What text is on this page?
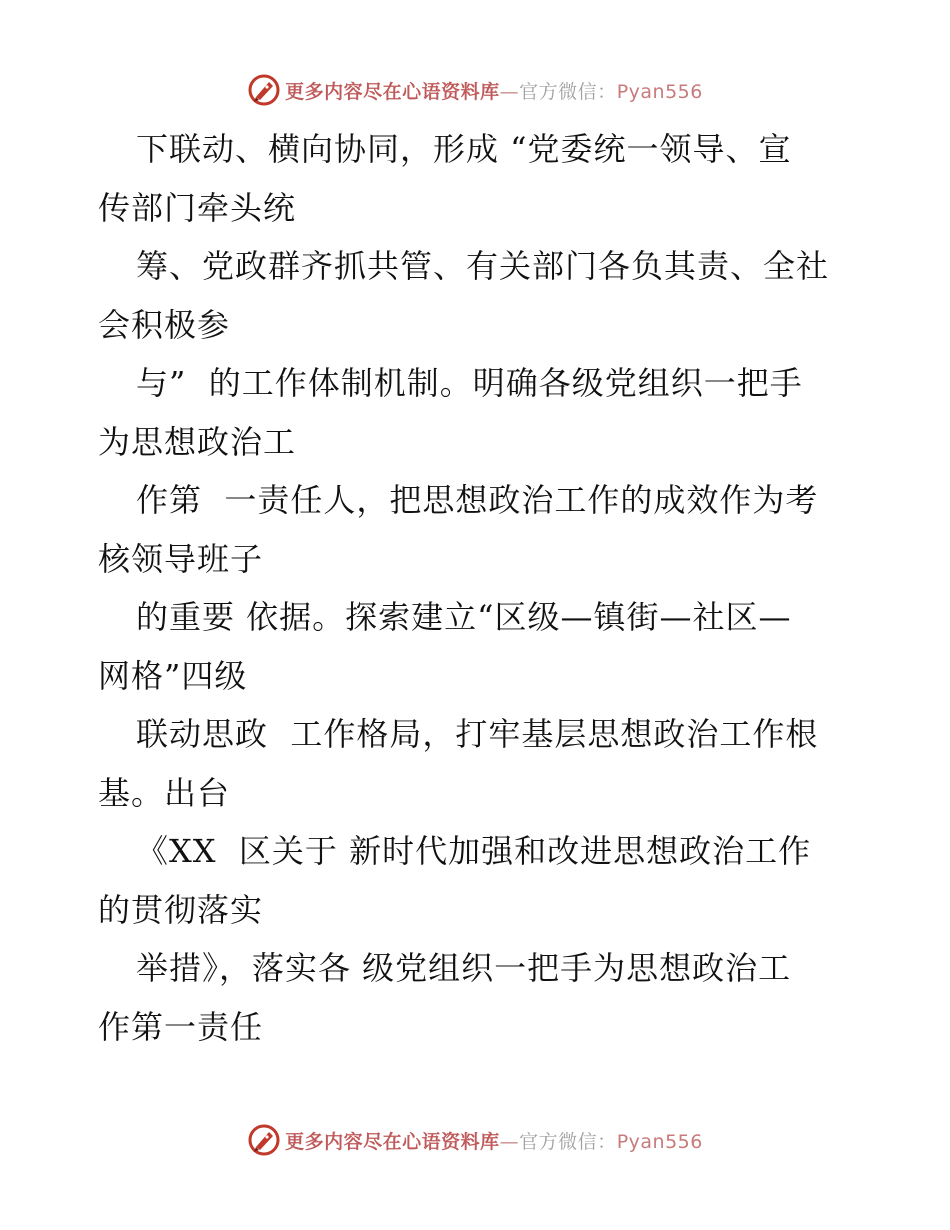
更多内容尽在心语资料库—官方微信：Pyan556

下联动、横向协同，形成 “党委统一领导、宣

传部门牵头统

筹、党政群齐抓共管、有关部门各负其责、全社

会积极参

与”  的工作体制机制。明确各级党组织一把手

为思想政治工

作第  一责任人，把思想政治工作的成效作为考

核领导班子

的重要 依据。探索建立“区级—镇街—社区—

网格”四级

联动思政  工作格局，打牢基层思想政治工作根

基。出台

《XX  区关于 新时代加强和改进思想政治工作

的贯彻落实

举措》，落实各 级党组织一把手为思想政治工

作第一责任

更多内容尽在心语资料库—官方微信：Pyan556
